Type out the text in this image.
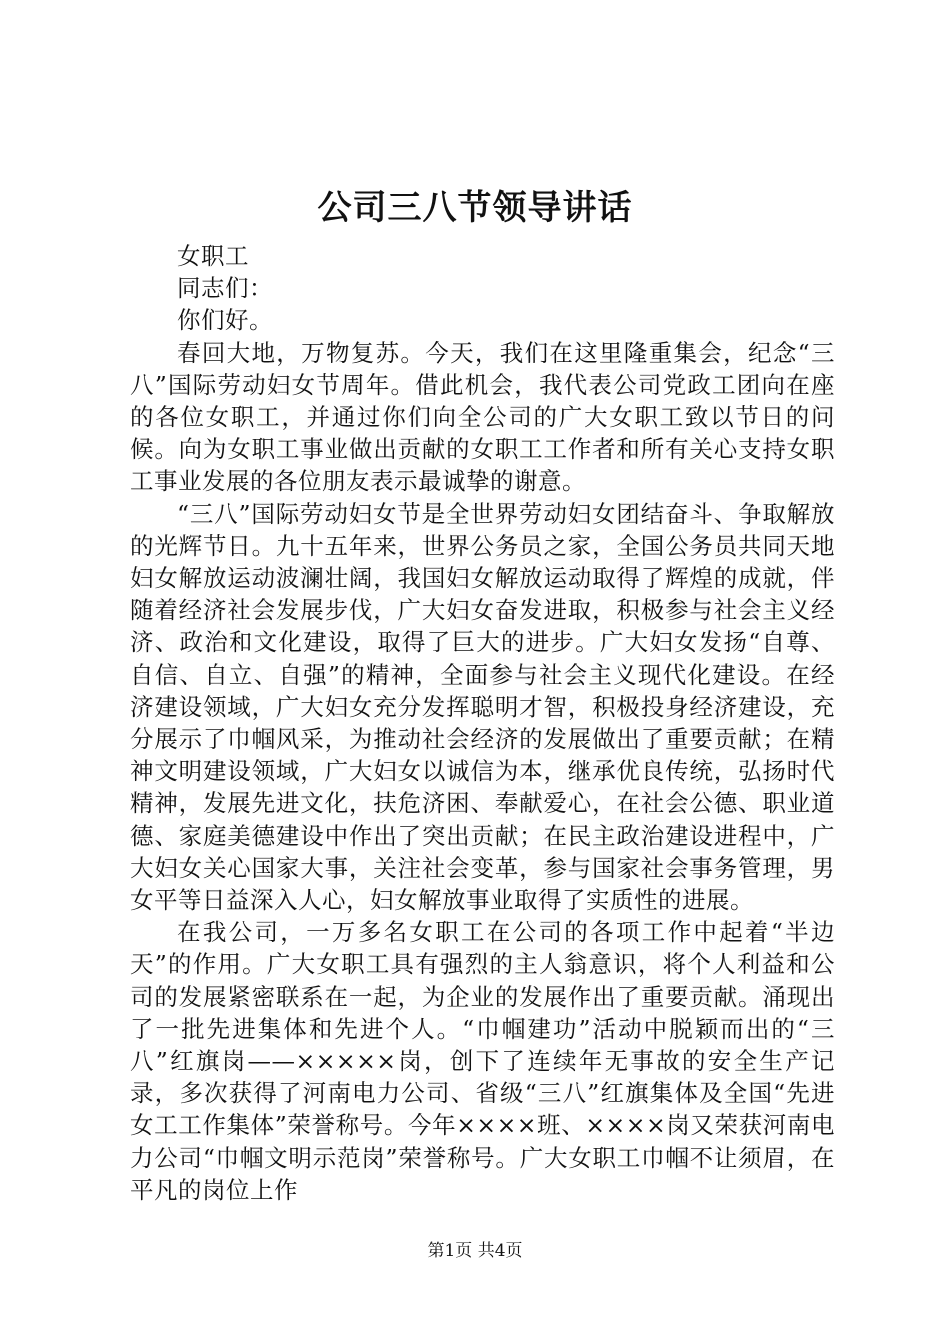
公司三八节领导讲话

女职工

同志们：

你们好。

春回大地，万物复苏。今天，我们在这里隆重集会，纪念“三八”国际劳动妇女节周年。借此机会，我代表公司党政工团向在座的各位女职工，并通过你们向全公司的广大女职工致以节日的问候。向为女职工事业做出贡献的女职工工作者和所有关心支持女职工事业发展的各位朋友表示最诚挚的谢意。

“三八”国际劳动妇女节是全世界劳动妇女团结奋斗、争取解放的光辉节日。九十五年来，世界公务员之家，全国公务员共同天地妇女解放运动波澜壮阔，我国妇女解放运动取得了辉煌的成就，伴随着经济社会发展步伐，广大妇女奋发进取，积极参与社会主义经济、政治和文化建设，取得了巨大的进步。广大妇女发扬“自尊、自信、自立、自强”的精神，全面参与社会主义现代化建设。在经济建设领域，广大妇女充分发挥聪明才智，积极投身经济建设，充分展示了巾帼风采，为推动社会经济的发展做出了重要贡献；在精神文明建设领域，广大妇女以诚信为本，继承优良传统，弘扬时代精神，发展先进文化，扶危济困、奉献爱心，在社会公德、职业道德、家庭美德建设中作出了突出贡献；在民主政治建设进程中，广大妇女关心国家大事，关注社会变革，参与国家社会事务管理，男女平等日益深入人心，妇女解放事业取得了实质性的进展。

在我公司，一万多名女职工在公司的各项工作中起着“半边天”的作用。广大女职工具有强烈的主人翁意识，将个人利益和公司的发展紧密联系在一起，为企业的发展作出了重要贡献。涌现出了一批先进集体和先进个人。“巾帼建功”活动中脱颖而出的“三八”红旗岗——×××××岗，创下了连续年无事故的安全生产记录，多次获得了河南电力公司、省级“三八”红旗集体及全国“先进女工工作集体”荣誉称号。今年××××班、××××岗又荣获河南电力公司“巾帼文明示范岗”荣誉称号。广大女职工巾帼不让须眉，在平凡的岗位上作

第1页 共4页
